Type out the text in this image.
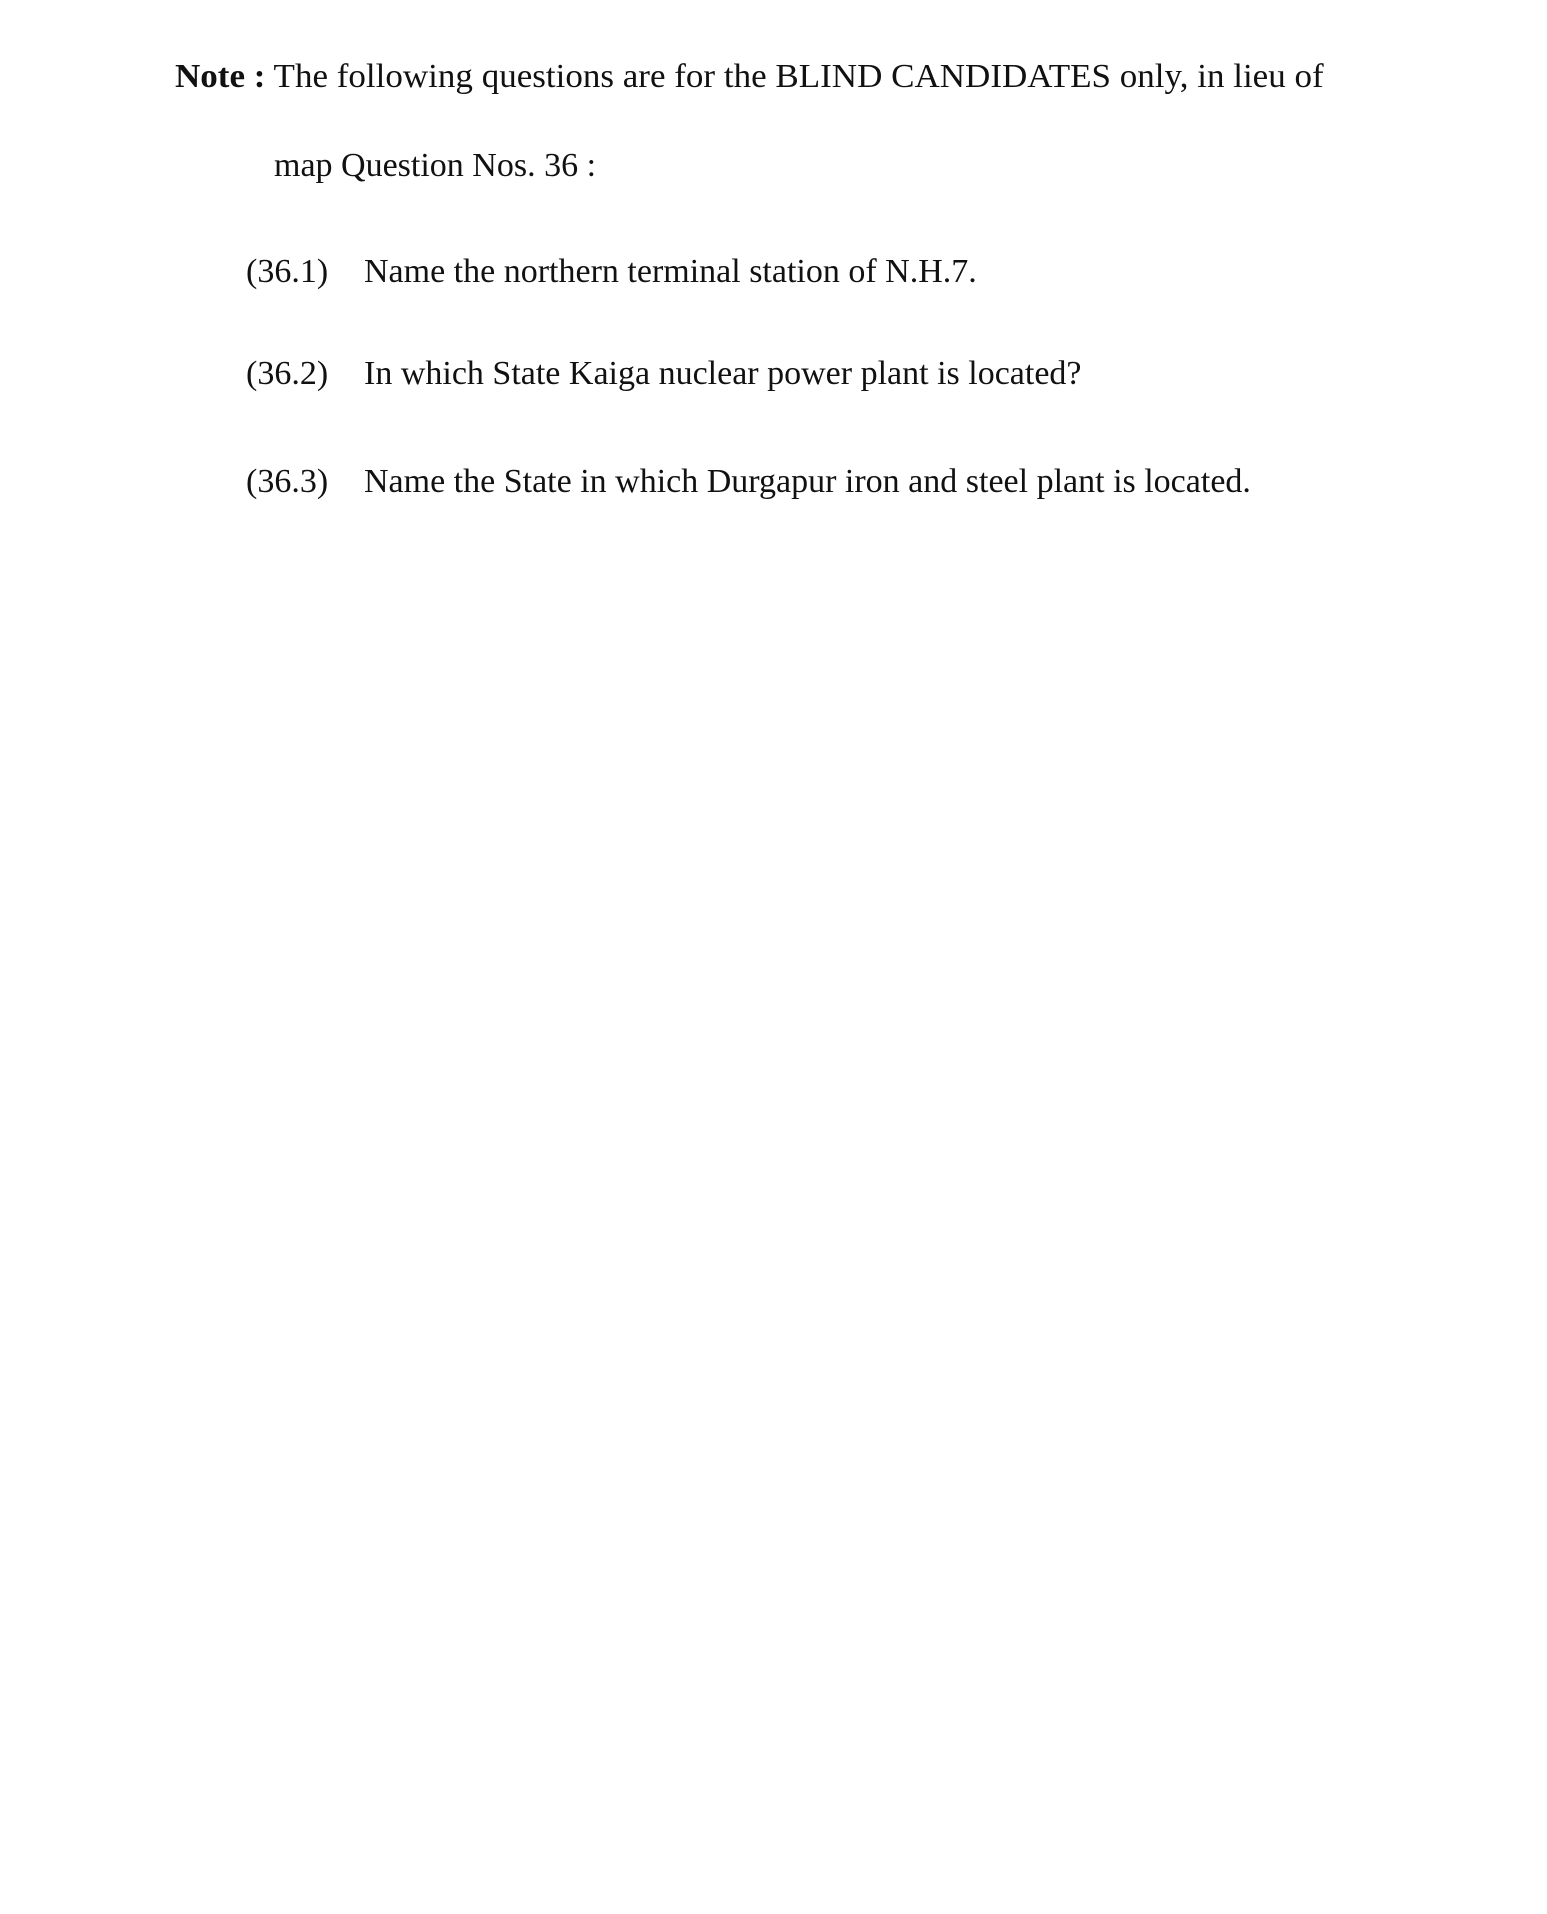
Note : The following questions are for the BLIND CANDIDATES only, in lieu of
map Question Nos. 36 :
(36.1) Name the northern terminal station of N.H.7.
(36.2) In which State Kaiga nuclear power plant is located?
(36.3) Name the State in which Durgapur iron and steel plant is located.
